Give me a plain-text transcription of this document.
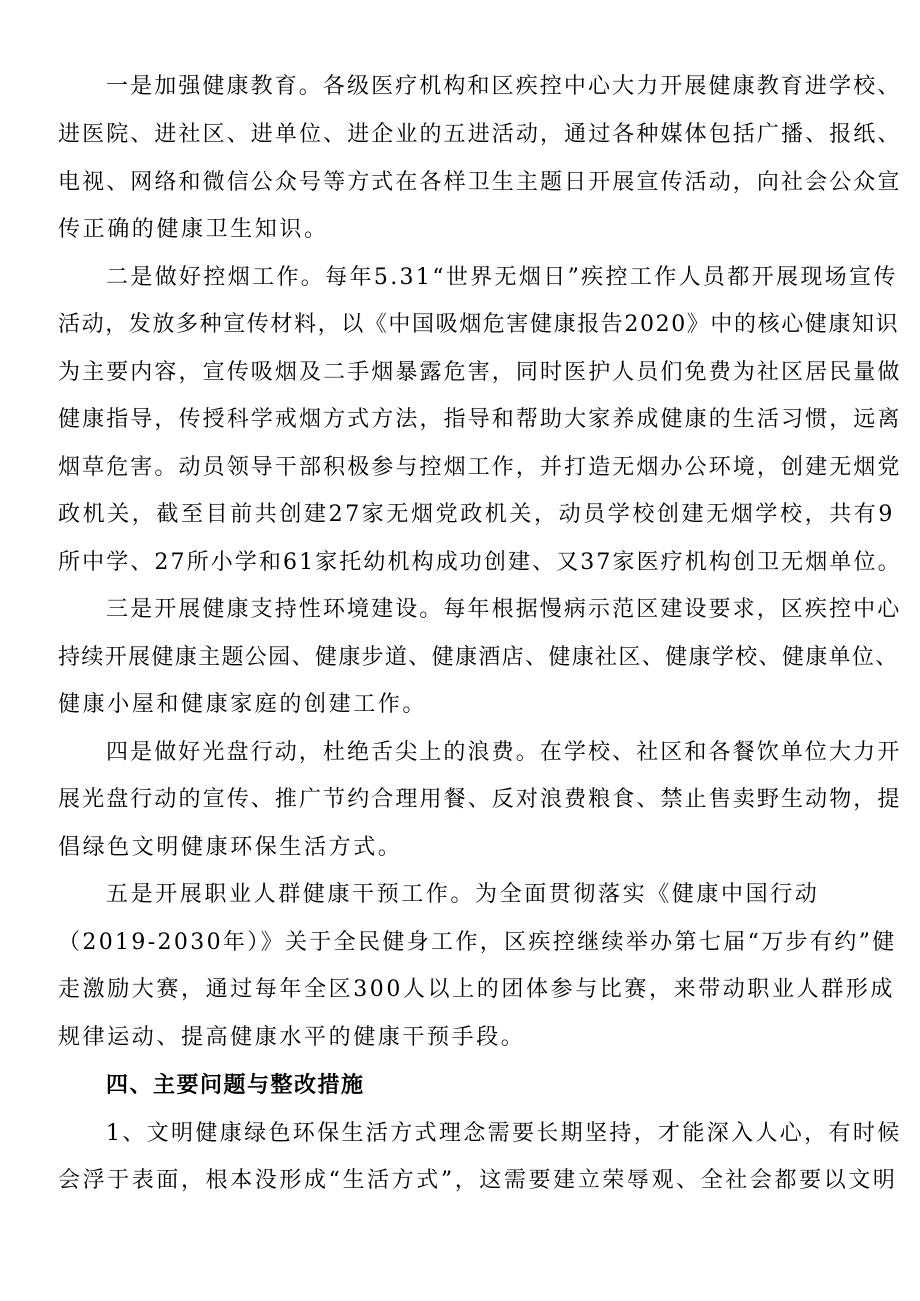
一是加强健康教育。各级医疗机构和区疾控中心大力开展健康教育进学校、
进医院、进社区、进单位、进企业的五进活动，通过各种媒体包括广播、报纸、
电视、网络和微信公众号等方式在各样卫生主题日开展宣传活动，向社会公众宣
传正确的健康卫生知识。
二是做好控烟工作。每年5.31“世界无烟日”疾控工作人员都开展现场宣传
活动，发放多种宣传材料，以《中国吸烟危害健康报告2020》中的核心健康知识
为主要内容，宣传吸烟及二手烟暴露危害，同时医护人员们免费为社区居民量做
健康指导，传授科学戒烟方式方法，指导和帮助大家养成健康的生活习惯，远离
烟草危害。动员领导干部积极参与控烟工作，并打造无烟办公环境，创建无烟党
政机关，截至目前共创建27家无烟党政机关，动员学校创建无烟学校，共有9
所中学、27所小学和61家托幼机构成功创建、又37家医疗机构创卫无烟单位。
三是开展健康支持性环境建设。每年根据慢病示范区建设要求，区疾控中心
持续开展健康主题公园、健康步道、健康酒店、健康社区、健康学校、健康单位、
健康小屋和健康家庭的创建工作。
四是做好光盘行动，杜绝舌尖上的浪费。在学校、社区和各餐饮单位大力开
展光盘行动的宣传、推广节约合理用餐、反对浪费粮食、禁止售卖野生动物，提
倡绿色文明健康环保生活方式。
五是开展职业人群健康干预工作。为全面贯彻落实《健康中国行动
（2019-2030年）》关于全民健身工作，区疾控继续举办第七届“万步有约”健
走激励大赛，通过每年全区300人以上的团体参与比赛，来带动职业人群形成
规律运动、提高健康水平的健康干预手段。
四、主要问题与整改措施
1、文明健康绿色环保生活方式理念需要长期坚持，才能深入人心，有时候
会浮于表面，根本没形成“生活方式”，这需要建立荣辱观、全社会都要以文明
